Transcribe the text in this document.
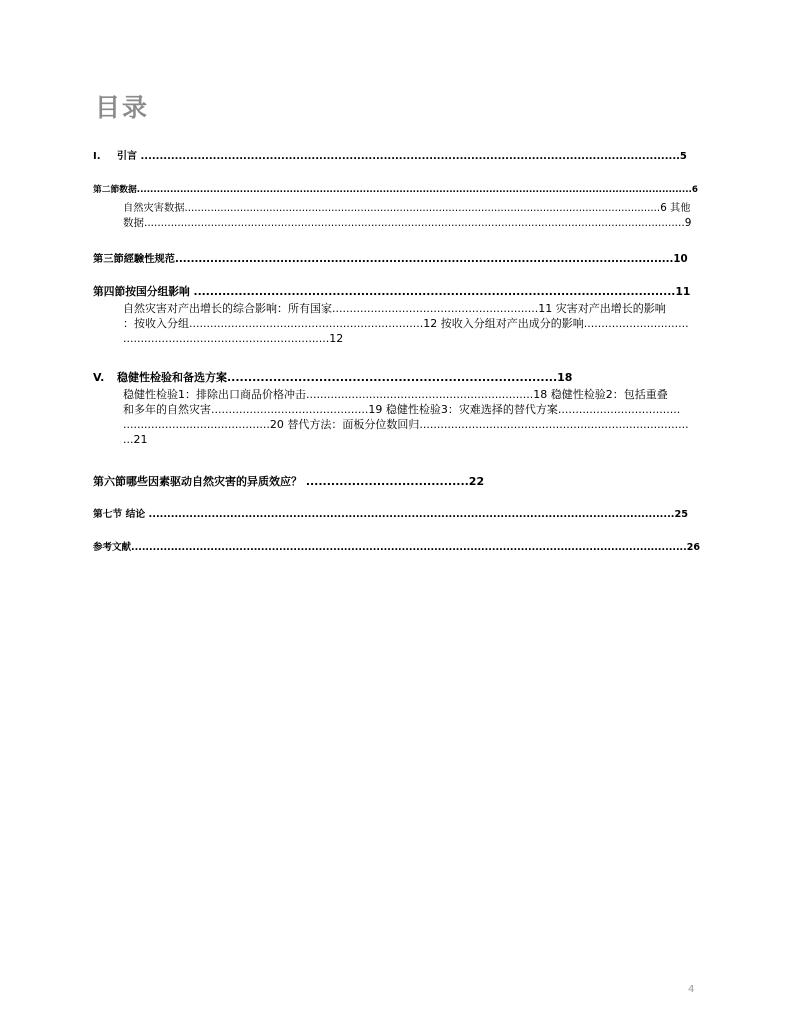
目录
I. 引言 ..............................................................................................................................................5
第二節数据.......................................................................................................................................................................6
自然灾害数据..................................................................................................................................................6 其他
数据..................................................................................................................................................................9
第三節經驗性规范................................................................................................................................10
第四節按国分组影响 ......................................................................................................................11
自然灾害对产出增长的综合影响：所有国家...........................................................11 灾害对产出增长的影响
：按收入分组...................................................................12 按收入分组对产出成分的影响..............................
...........................................................12
V. 稳健性检验和备选方案...............................................................................18
稳健性检验1：排除出口商品价格冲击.................................................................18 稳健性检验2：包括重叠
和多年的自然灾害.............................................19 稳健性检验3：灾难选择的替代方案...................................
..........................................20 替代方法：面板分位数回归.............................................................................
...21
第六節哪些因素驱动自然灾害的异质效应？ .......................................22
第七节 结论 ..............................................................................................................................................25
参考文献..........................................................................................................................................................26
4
